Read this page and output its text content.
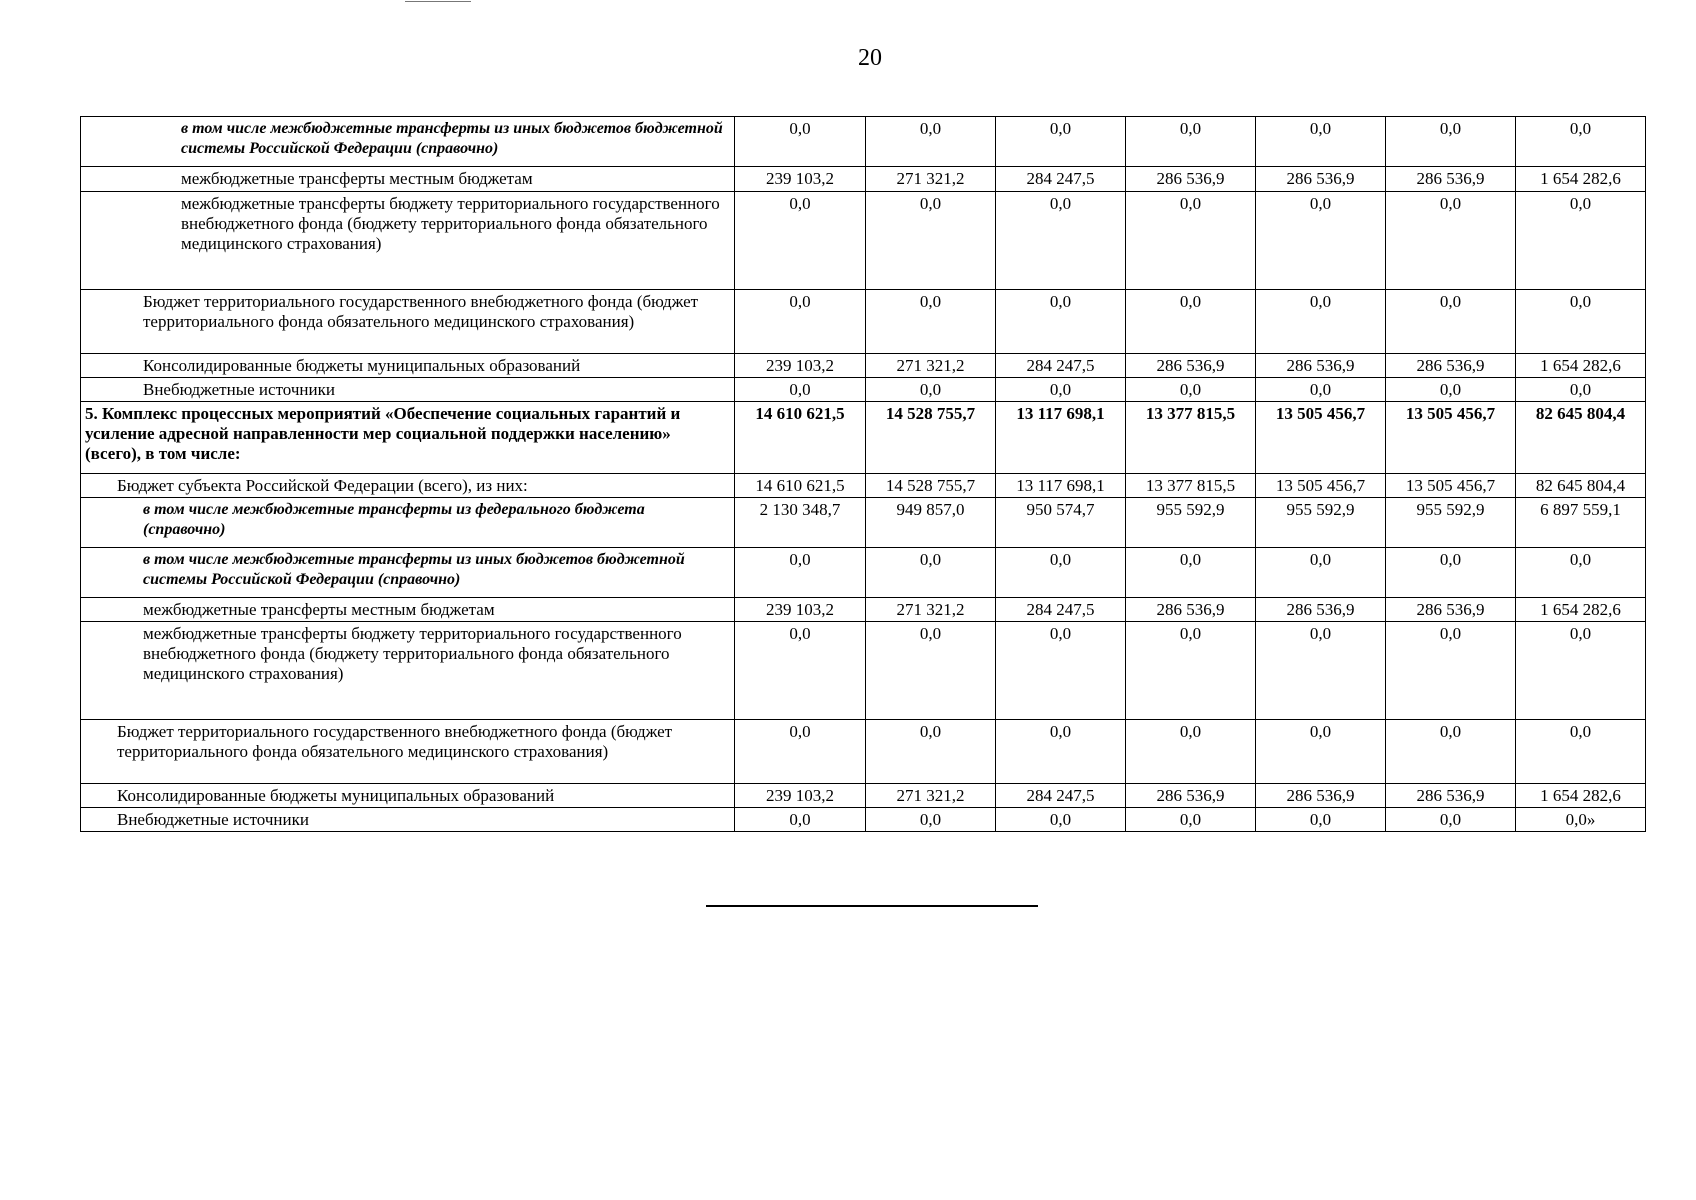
20
в том числе межбюджетные трансферты из иных бюджетов бюджетной системы Российской Федерации (справочно)	0,0	0,0	0,0	0,0	0,0	0,0	0,0
межбюджетные трансферты местным бюджетам	239 103,2	271 321,2	284 247,5	286 536,9	286 536,9	286 536,9	1 654 282,6
межбюджетные трансферты бюджету территориального государственного внебюджетного фонда (бюджету территориального фонда обязательного медицинского страхования)	0,0	0,0	0,0	0,0	0,0	0,0	0,0
Бюджет территориального государственного внебюджетного фонда (бюджет территориального фонда обязательного медицинского страхования)	0,0	0,0	0,0	0,0	0,0	0,0	0,0
Консолидированные бюджеты муниципальных образований	239 103,2	271 321,2	284 247,5	286 536,9	286 536,9	286 536,9	1 654 282,6
Внебюджетные источники	0,0	0,0	0,0	0,0	0,0	0,0	0,0
5. Комплекс процессных мероприятий «Обеспечение социальных гарантий и усиление адресной направленности мер социальной поддержки населению» (всего), в том числе:	14 610 621,5	14 528 755,7	13 117 698,1	13 377 815,5	13 505 456,7	13 505 456,7	82 645 804,4
Бюджет субъекта Российской Федерации (всего), из них:	14 610 621,5	14 528 755,7	13 117 698,1	13 377 815,5	13 505 456,7	13 505 456,7	82 645 804,4
в том числе межбюджетные трансферты из федерального бюджета (справочно)	2 130 348,7	949 857,0	950 574,7	955 592,9	955 592,9	955 592,9	6 897 559,1
в том числе межбюджетные трансферты из иных бюджетов бюджетной системы Российской Федерации (справочно)	0,0	0,0	0,0	0,0	0,0	0,0	0,0
межбюджетные трансферты местным бюджетам	239 103,2	271 321,2	284 247,5	286 536,9	286 536,9	286 536,9	1 654 282,6
межбюджетные трансферты бюджету территориального государственного внебюджетного фонда (бюджету территориального фонда обязательного медицинского страхования)	0,0	0,0	0,0	0,0	0,0	0,0	0,0
Бюджет территориального государственного внебюджетного фонда (бюджет территориального фонда обязательного медицинского страхования)	0,0	0,0	0,0	0,0	0,0	0,0	0,0
Консолидированные бюджеты муниципальных образований	239 103,2	271 321,2	284 247,5	286 536,9	286 536,9	286 536,9	1 654 282,6
Внебюджетные источники	0,0	0,0	0,0	0,0	0,0	0,0	0,0»
